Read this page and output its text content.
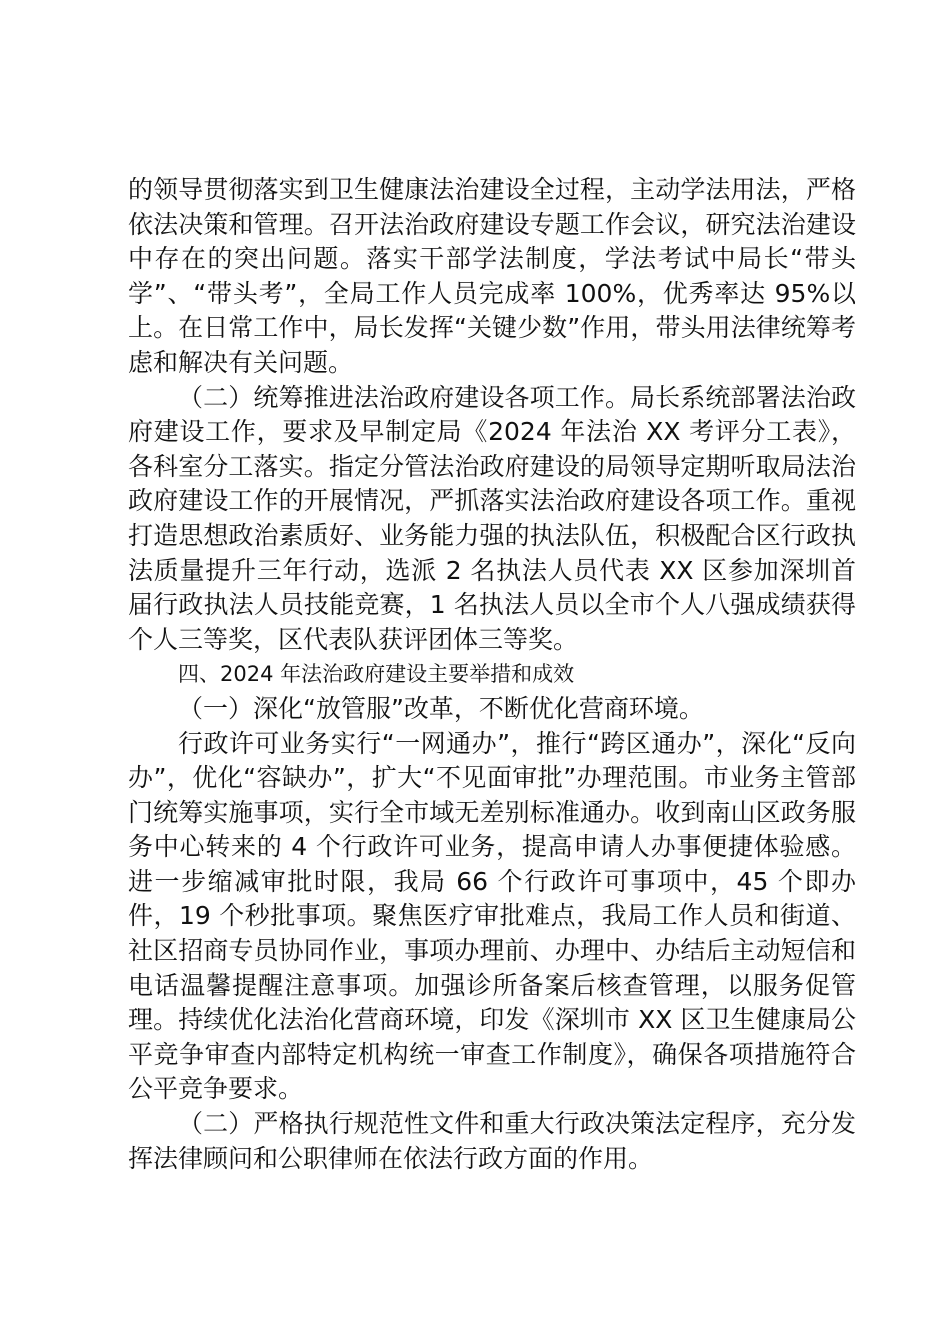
的领导贯彻落实到卫生健康法治建设全过程，主动学法用法，严格依法决策和管理。召开法治政府建设专题工作会议，研究法治建设中存在的突出问题。落实干部学法制度，学法考试中局长“带头学”、“带头考”，全局工作人员完成率 100%，优秀率达 95%以上。在日常工作中，局长发挥“关键少数”作用，带头用法律统筹考虑和解决有关问题。

（二）统筹推进法治政府建设各项工作。局长系统部署法治政府建设工作，要求及早制定局《2024 年法治 XX 考评分工表》，各科室分工落实。指定分管法治政府建设的局领导定期听取局法治政府建设工作的开展情况，严抓落实法治政府建设各项工作。重视打造思想政治素质好、业务能力强的执法队伍，积极配合区行政执法质量提升三年行动，选派 2 名执法人员代表 XX 区参加深圳首届行政执法人员技能竞赛，1 名执法人员以全市个人八强成绩获得个人三等奖，区代表队获评团体三等奖。

四、2024 年法治政府建设主要举措和成效

（一）深化“放管服”改革，不断优化营商环境。

行政许可业务实行“一网通办”，推行“跨区通办”，深化“反向办”，优化“容缺办”，扩大“不见面审批”办理范围。市业务主管部门统筹实施事项，实行全市域无差别标准通办。收到南山区政务服务中心转来的 4 个行政许可业务，提高申请人办事便捷体验感。进一步缩减审批时限，我局 66 个行政许可事项中，45 个即办件，19 个秒批事项。聚焦医疗审批难点，我局工作人员和街道、社区招商专员协同作业，事项办理前、办理中、办结后主动短信和电话温馨提醒注意事项。加强诊所备案后核查管理，以服务促管理。持续优化法治化营商环境，印发《深圳市 XX 区卫生健康局公平竞争审查内部特定机构统一审查工作制度》，确保各项措施符合公平竞争要求。

（二）严格执行规范性文件和重大行政决策法定程序，充分发挥法律顾问和公职律师在依法行政方面的作用。
